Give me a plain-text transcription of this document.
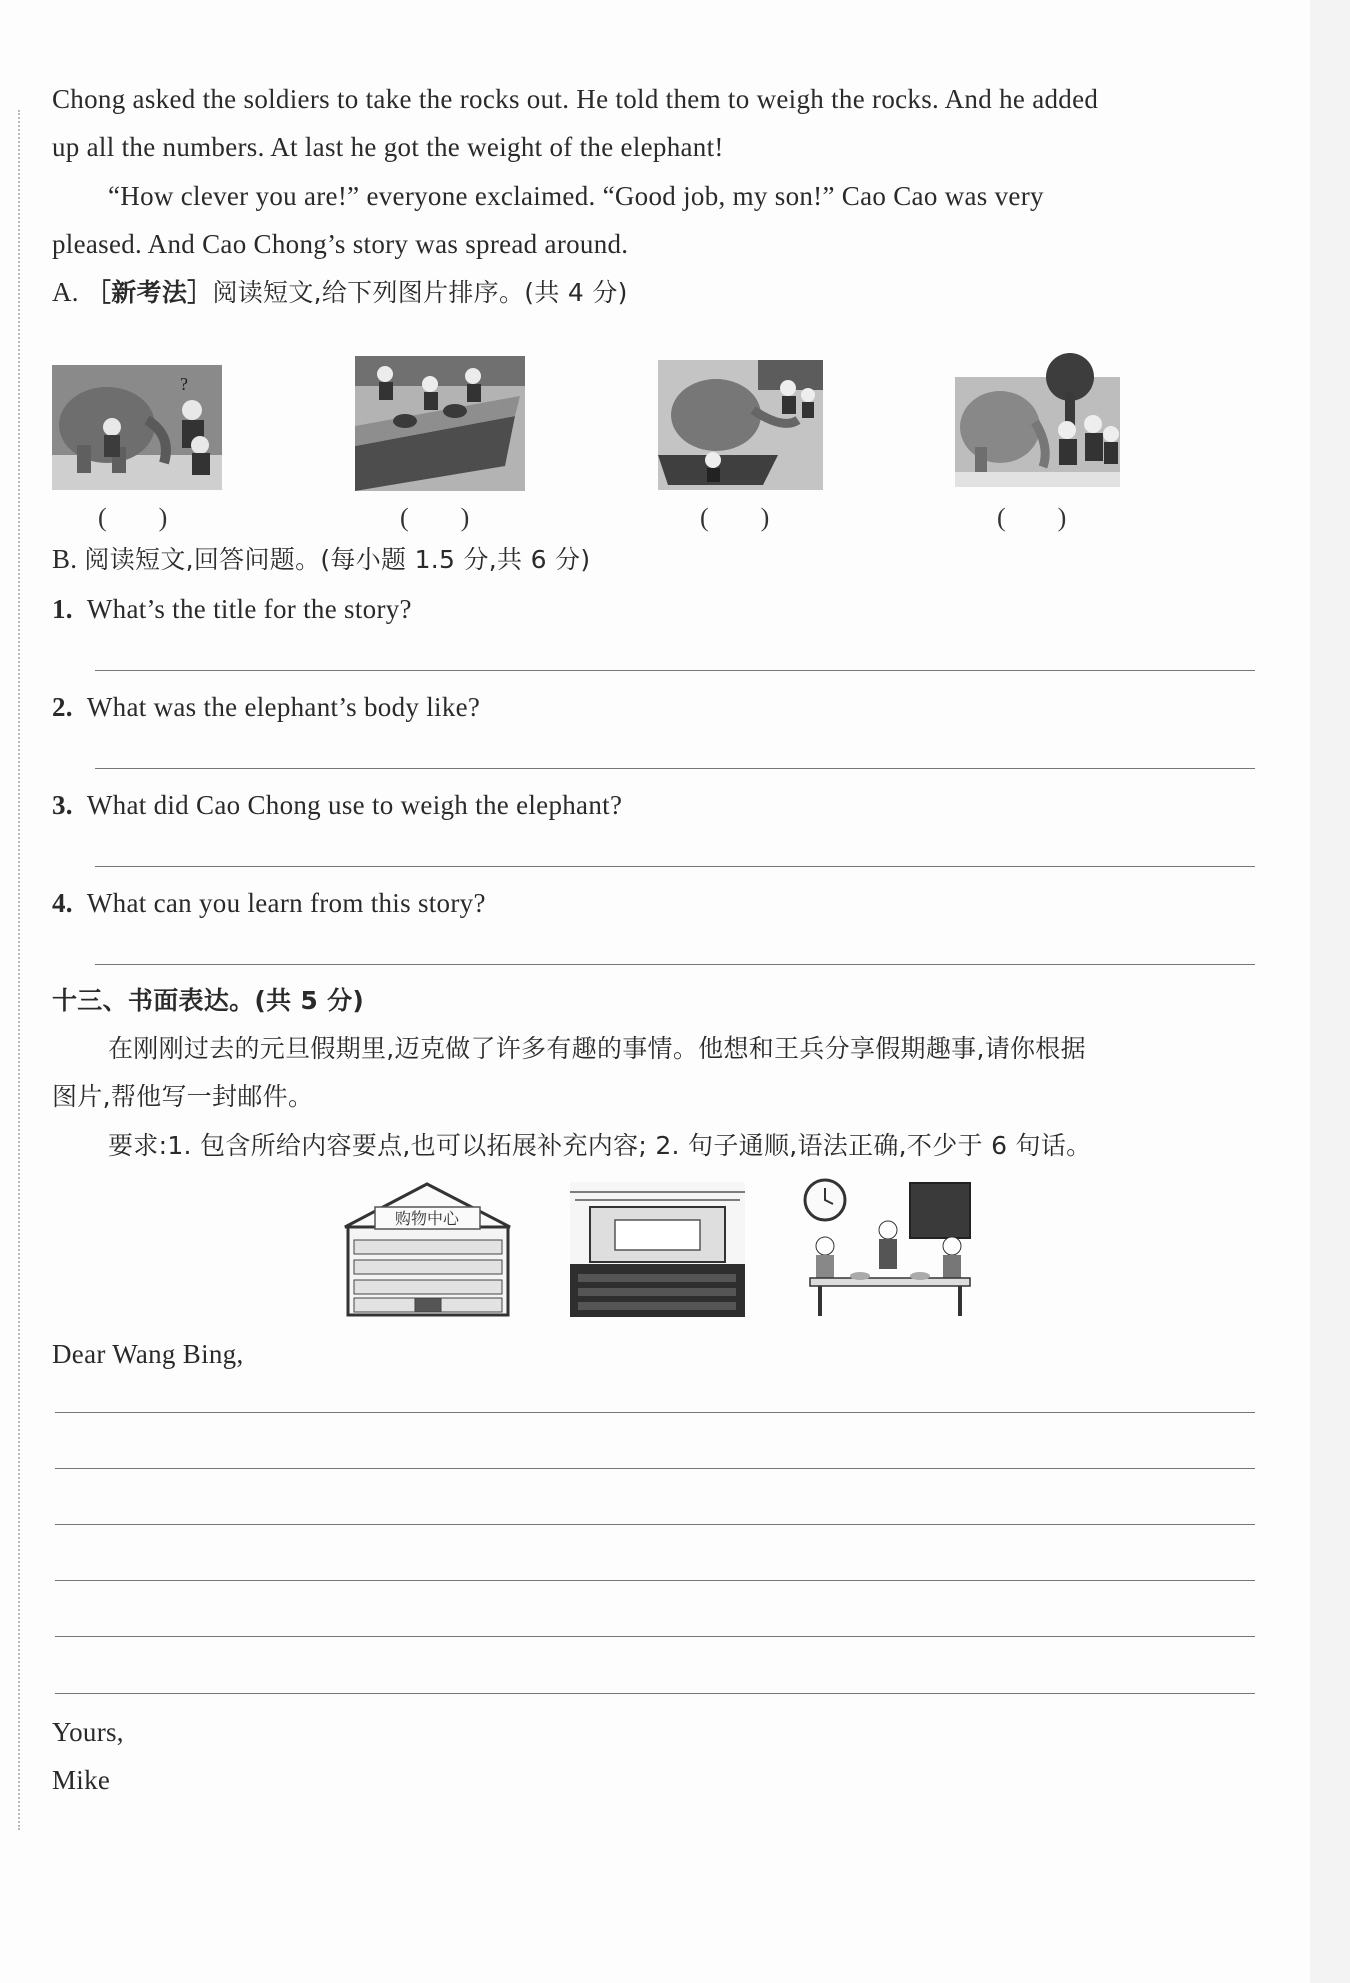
Chong asked the soldiers to take the rocks out. He told them to weigh the rocks. And he added
up all the numbers. At last he got the weight of the elephant!
“How clever you are!” everyone exclaimed. “Good job, my son!” Cao Cao was very
pleased. And Cao Chong’s story was spread around.
A. ［新考法］阅读短文,给下列图片排序。(共 4 分)
?
(　　)	(　　)	(　　)	(　　)
B. 阅读短文,回答问题。(每小题 1.5 分,共 6 分)
1. What’s the title for the story?
2. What was the elephant’s body like?
3. What did Cao Chong use to weigh the elephant?
4. What can you learn from this story?
十三、书面表达。(共 5 分)
在刚刚过去的元旦假期里,迈克做了许多有趣的事情。他想和王兵分享假期趣事,请你根据
图片,帮他写一封邮件。
要求:1. 包含所给内容要点,也可以拓展补充内容; 2. 句子通顺,语法正确,不少于 6 句话。
购物中心
Dear Wang Bing,
Yours,
Mike
